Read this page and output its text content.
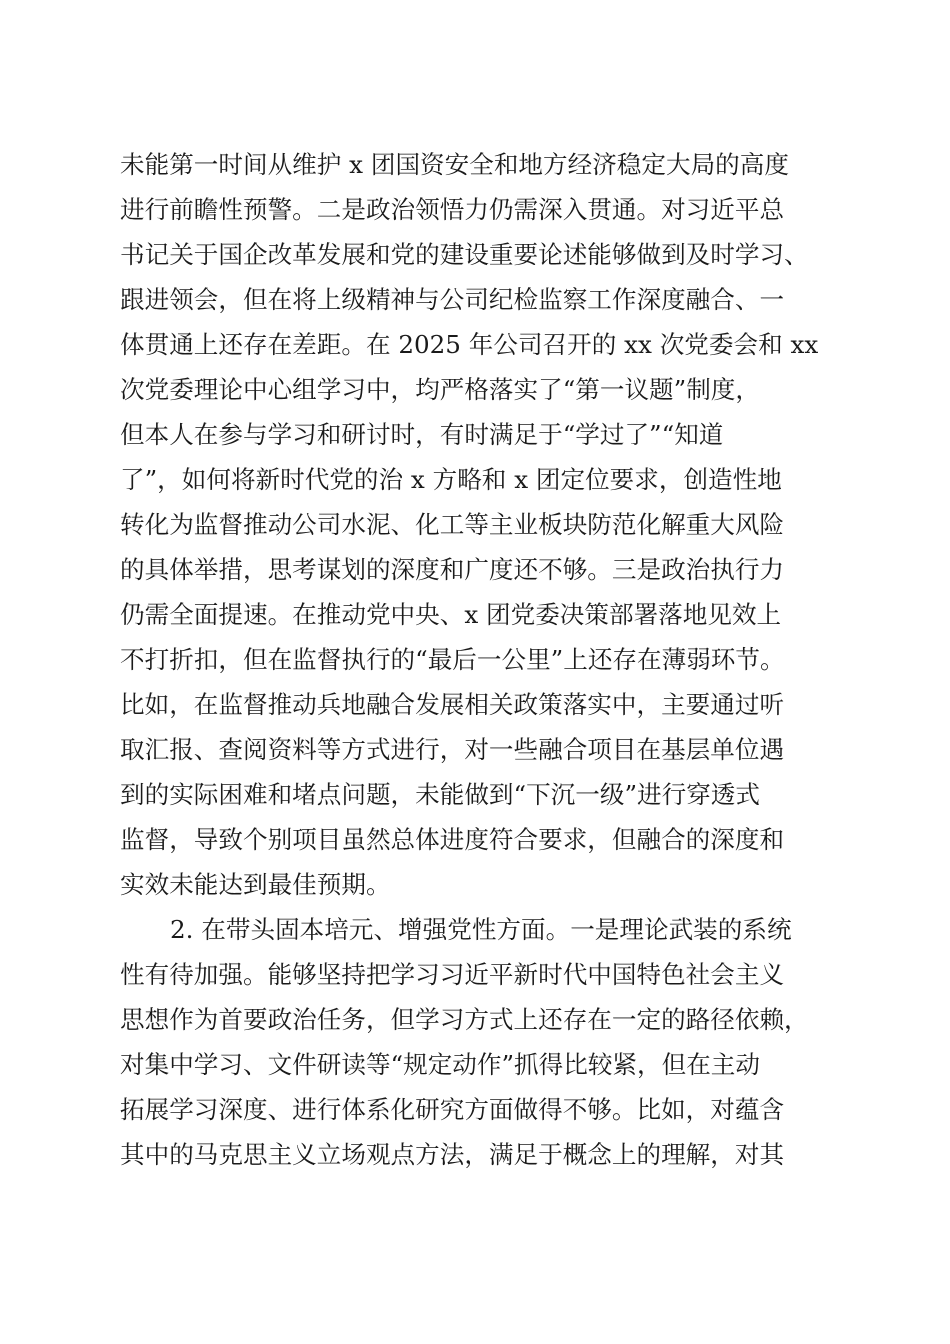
未能第一时间从维护 x 团国资安全和地方经济稳定大局的高度
进行前瞻性预警。二是政治领悟力仍需深入贯通。对习近平总
书记关于国企改革发展和党的建设重要论述能够做到及时学习、
跟进领会，但在将上级精神与公司纪检监察工作深度融合、一
体贯通上还存在差距。在 2025 年公司召开的 xx 次党委会和 xx
次党委理论中心组学习中，均严格落实了“第一议题”制度，
但本人在参与学习和研讨时，有时满足于“学过了”“知道
了”，如何将新时代党的治 x 方略和 x 团定位要求，创造性地
转化为监督推动公司水泥、化工等主业板块防范化解重大风险
的具体举措，思考谋划的深度和广度还不够。三是政治执行力
仍需全面提速。在推动党中央、x 团党委决策部署落地见效上
不打折扣，但在监督执行的“最后一公里”上还存在薄弱环节。
比如，在监督推动兵地融合发展相关政策落实中，主要通过听
取汇报、查阅资料等方式进行，对一些融合项目在基层单位遇
到的实际困难和堵点问题，未能做到“下沉一级”进行穿透式
监督，导致个别项目虽然总体进度符合要求，但融合的深度和
实效未能达到最佳预期。
2. 在带头固本培元、增强党性方面。一是理论武装的系统
性有待加强。能够坚持把学习习近平新时代中国特色社会主义
思想作为首要政治任务，但学习方式上还存在一定的路径依赖，
对集中学习、文件研读等“规定动作”抓得比较紧，但在主动
拓展学习深度、进行体系化研究方面做得不够。比如，对蕴含
其中的马克思主义立场观点方法，满足于概念上的理解，对其
